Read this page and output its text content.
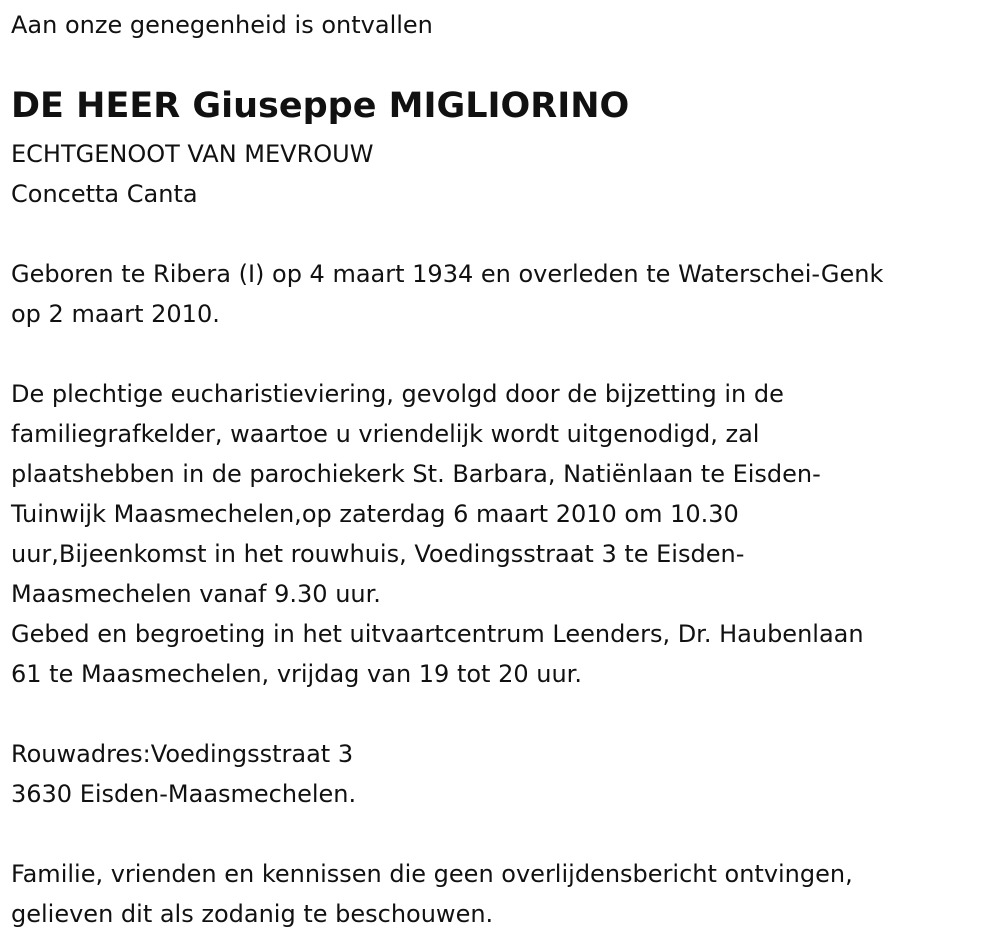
Aan onze genegenheid is ontvallen
DE HEER Giuseppe MIGLIORINO
ECHTGENOOT VAN MEVROUW
Concetta Canta
Geboren te Ribera (I) op 4 maart 1934 en overleden te Waterschei-Genk
op 2 maart 2010.
De plechtige eucharistieviering, gevolgd door de bijzetting in de
familiegrafkelder, waartoe u vriendelijk wordt uitgenodigd, zal
plaatshebben in de parochiekerk St. Barbara, Natiënlaan te Eisden-
Tuinwijk Maasmechelen,op zaterdag 6 maart 2010 om 10.30
uur,Bijeenkomst in het rouwhuis, Voedingsstraat 3 te Eisden-
Maasmechelen vanaf 9.30 uur.
Gebed en begroeting in het uitvaartcentrum Leenders, Dr. Haubenlaan
61 te Maasmechelen, vrijdag van 19 tot 20 uur.
Rouwadres:Voedingsstraat 3
3630 Eisden-Maasmechelen.
Familie, vrienden en kennissen die geen overlijdensbericht ontvingen,
gelieven dit als zodanig te beschouwen.
